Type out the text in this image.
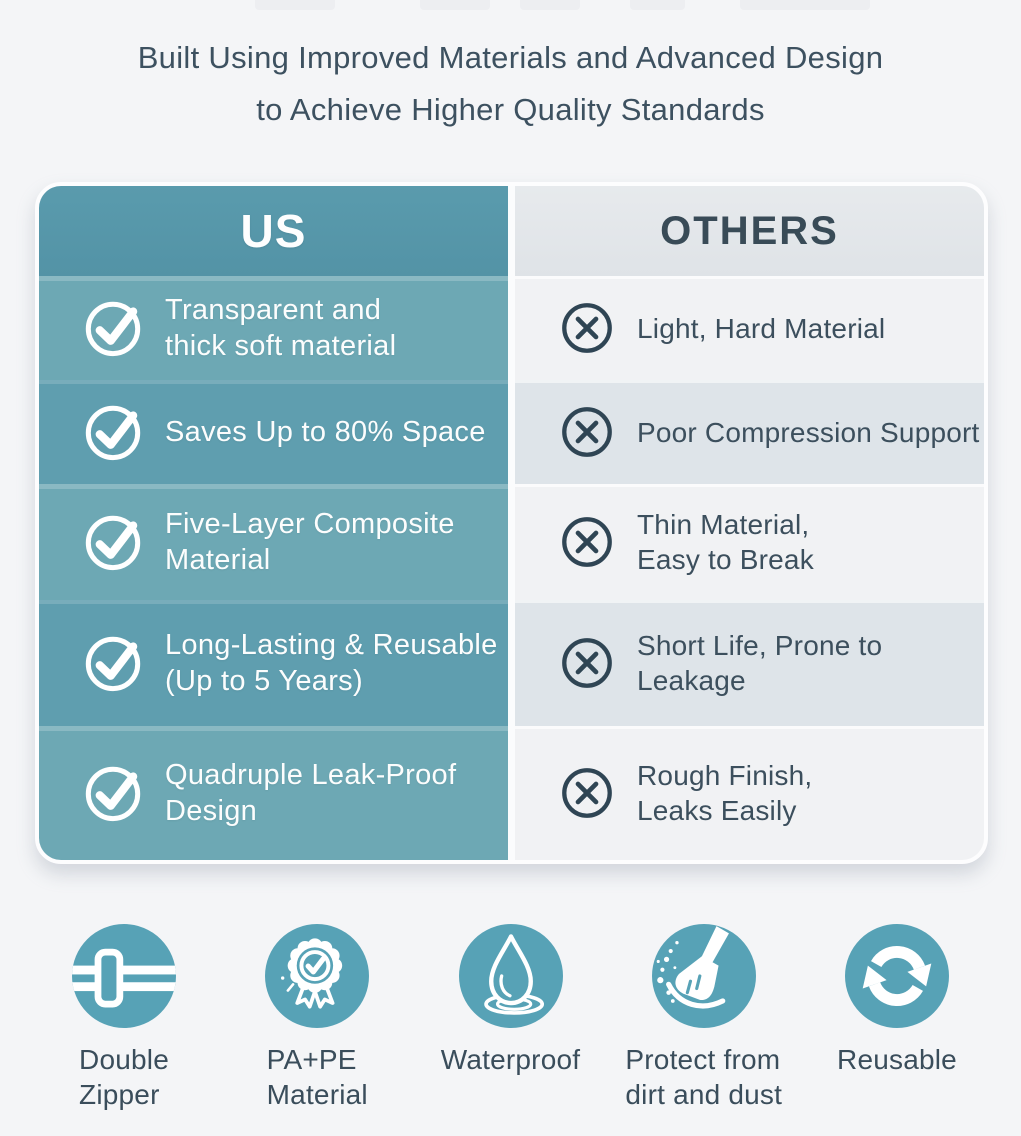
Built Using Improved Materials and Advanced Design
to Achieve Higher Quality Standards
US	OTHERS
Transparent and
thick soft material
Light, Hard Material
Saves Up to 80% Space	Poor Compression Support
Five-Layer Composite
Material
Thin Material,
Easy to Break
Long-Lasting & Reusable
(Up to 5 Years)
Short Life, Prone to
Leakage
Quadruple Leak-Proof
Design
Rough Finish,
Leaks Easily
Double
Zipper
PA+PE
Material
Waterproof Protect from
dirt and dust
Reusable
